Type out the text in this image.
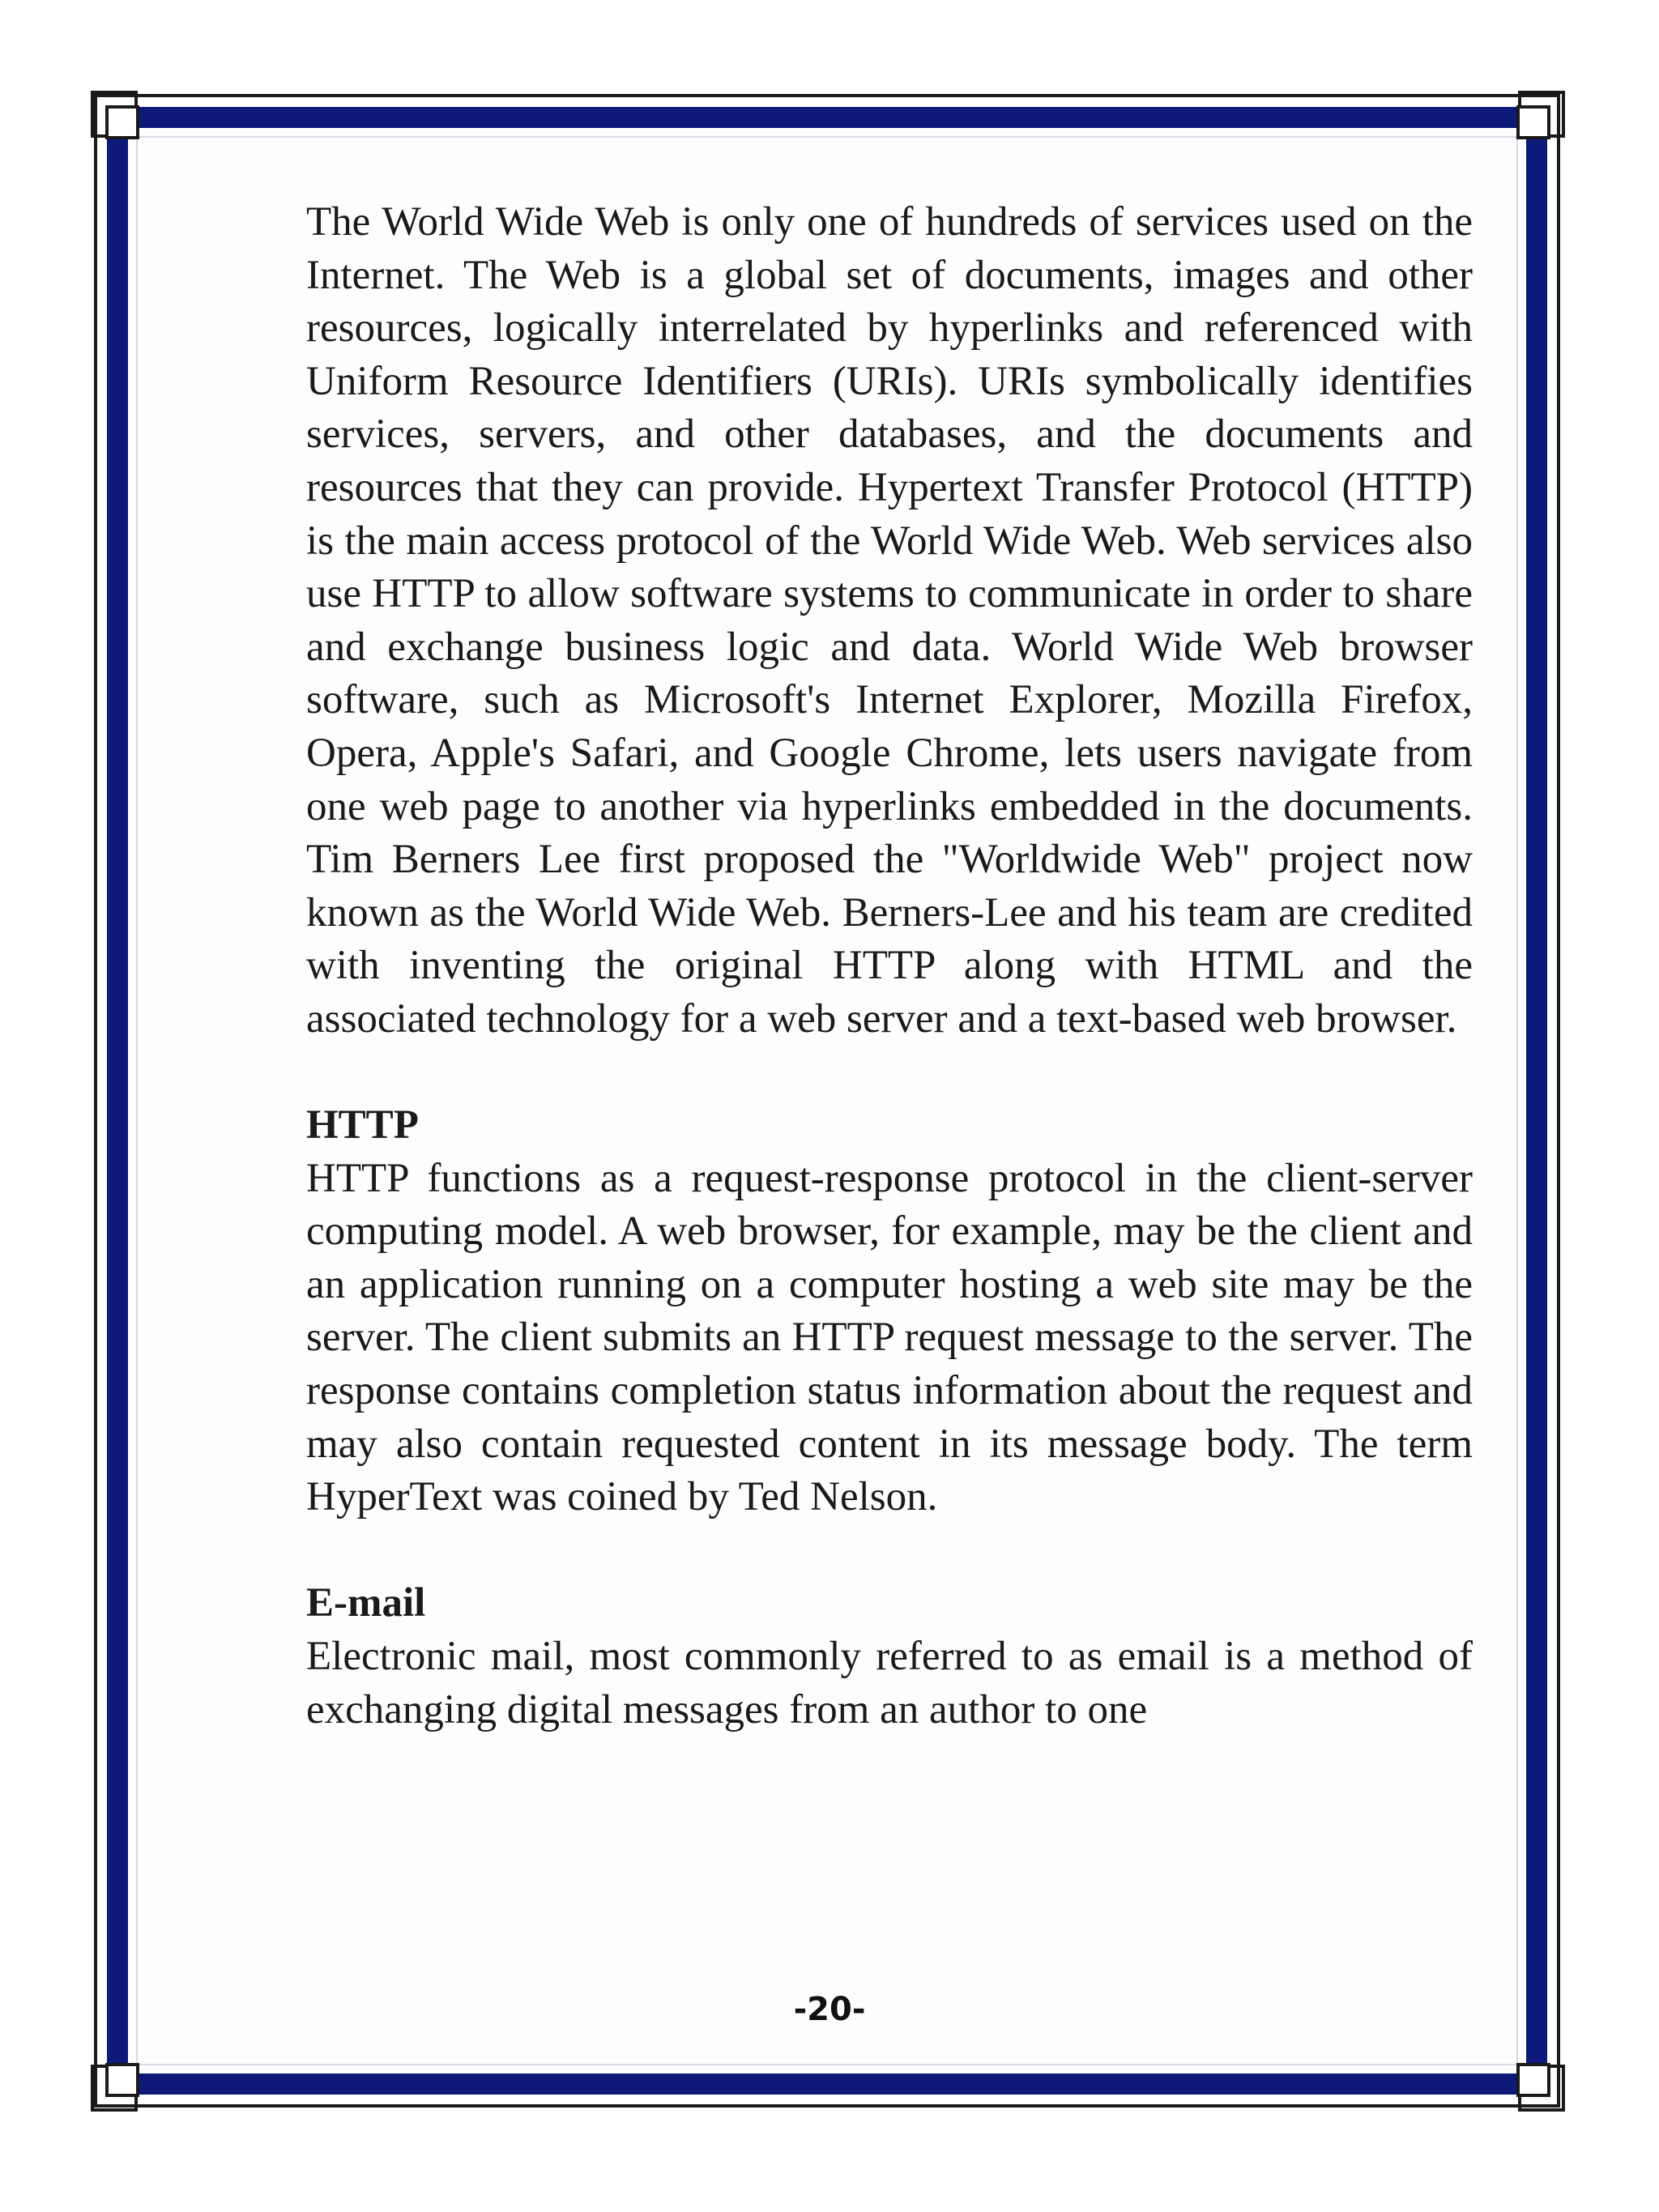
The World Wide Web is only one of hundreds of services used on the Internet. The Web is a global set of documents, images and other resources, logically interrelated by hyperlinks and referenced with Uniform Resource Identifiers (URIs). URIs symbolically identifies services, servers, and other databases, and the documents and resources that they can provide. Hypertext Transfer Protocol (HTTP) is the main access protocol of the World Wide Web. Web services also use HTTP to allow software systems to communicate in order to share and exchange business logic and data. World Wide Web browser software, such as Microsoft's Internet Explorer, Mozilla Firefox, Opera, Apple's Safari, and Google Chrome, lets users navigate from one web page to another via hyperlinks embedded in the documents. Tim Berners Lee first proposed the "Worldwide Web" project now known as the World Wide Web. Berners-Lee and his team are credited with inventing the original HTTP along with HTML and the associated technology for a web server and a text-based web browser.

HTTP

HTTP functions as a request-response protocol in the client-server computing model. A web browser, for example, may be the client and an application running on a computer hosting a web site may be the server. The client submits an HTTP request message to the server. The response contains completion status information about the request and may also contain requested content in its message body. The term HyperText was coined by Ted Nelson.

E-mail

Electronic mail, most commonly referred to as email is a method of exchanging digital messages from an author to one

-20-
